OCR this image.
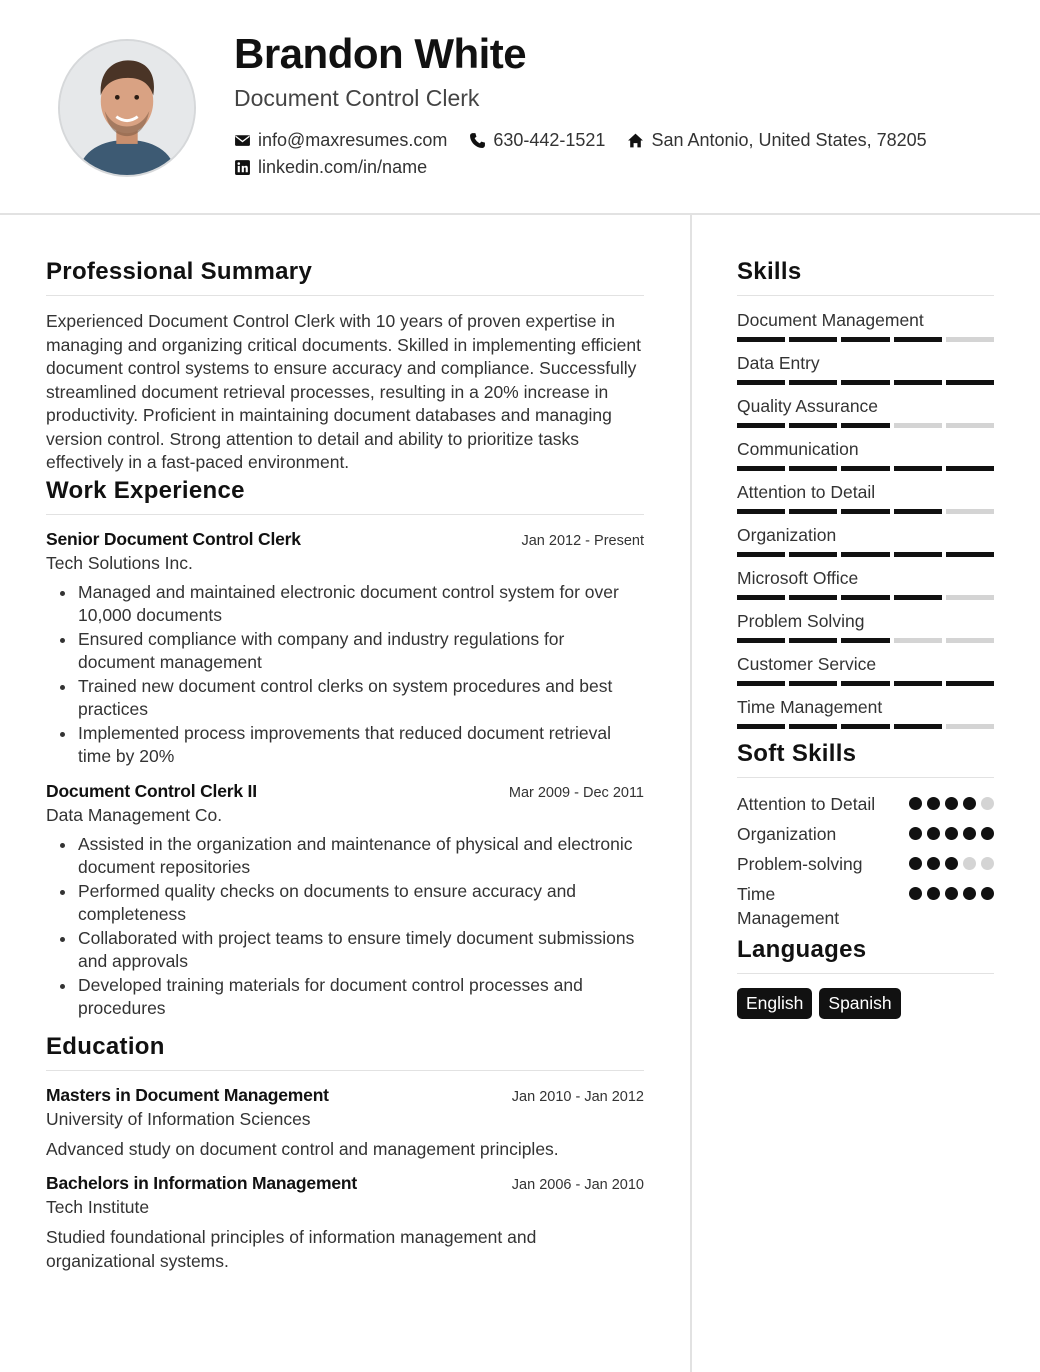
Brandon White
Document Control Clerk
info@maxresumes.com	630-442-1521	San Antonio, United States, 78205
linkedin.com/in/name
Professional Summary

Experienced Document Control Clerk with 10 years of proven expertise in managing and organizing critical documents. Skilled in implementing efficient document control systems to ensure accuracy and compliance. Successfully streamlined document retrieval processes, resulting in a 20% increase in productivity. Proficient in maintaining document databases and managing version control. Strong attention to detail and ability to prioritize tasks effectively in a fast-paced environment.

Work Experience
Senior Document Control Clerk	Jan 2012 - Present
Tech Solutions Inc.
Managed and maintained electronic document control system for over 10,000 documents
Ensured compliance with company and industry regulations for document management
Trained new document control clerks on system procedures and best practices
Implemented process improvements that reduced document retrieval time by 20%
Document Control Clerk II	Mar 2009 - Dec 2011
Data Management Co.
Assisted in the organization and maintenance of physical and electronic document repositories
Performed quality checks on documents to ensure accuracy and completeness
Collaborated with project teams to ensure timely document submissions and approvals
Developed training materials for document control processes and procedures
Education
Masters in Document Management	Jan 2010 - Jan 2012
University of Information Sciences

Advanced study on document control and management principles.

Bachelors in Information Management	Jan 2006 - Jan 2010
Tech Institute

Studied foundational principles of information management and organizational systems.

Skills
Document Management
Data Entry
Quality Assurance
Communication
Attention to Detail
Organization
Microsoft Office
Problem Solving
Customer Service
Time Management
Soft Skills
Attention to Detail
Organization
Problem-solving
Time Management
Languages
English	Spanish
